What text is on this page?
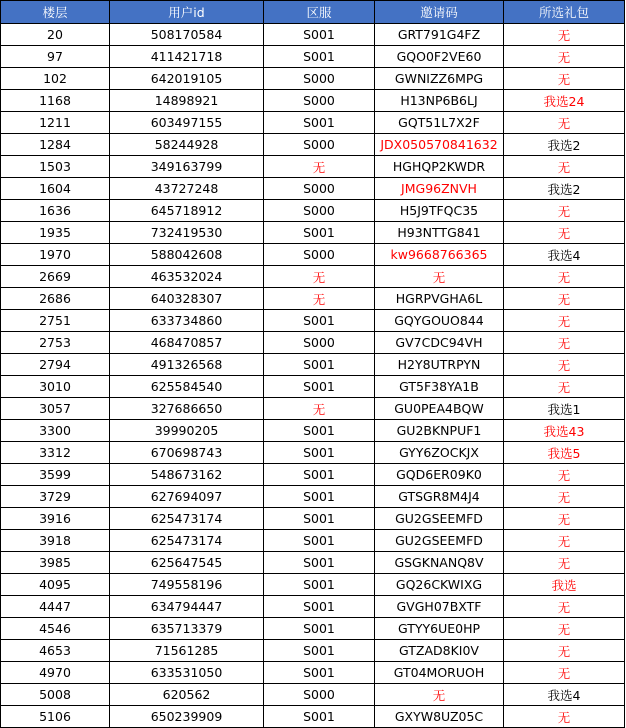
楼层	用户id	区服	邀请码	所选礼包
20	508170584	S001	GRT791G4FZ	无
97	411421718	S001	GQO0F2VE60	无
102	642019105	S000	GWNIZZ6MPG	无
1168	14898921	S000	H13NP6B6LJ	我选24
1211	603497155	S001	GQT51L7X2F	无
1284	58244928	S000	JDX050570841632	我选2
1503	349163799	无	HGHQP2KWDR	无
1604	43727248	S000	JMG96ZNVH	我选2
1636	645718912	S000	H5J9TFQC35	无
1935	732419530	S001	H93NTTG841	无
1970	588042608	S000	kw9668766365	我选4
2669	463532024	无	无	无
2686	640328307	无	HGRPVGHA6L	无
2751	633734860	S001	GQYGOUO844	无
2753	468470857	S000	GV7CDC94VH	无
2794	491326568	S001	H2Y8UTRPYN	无
3010	625584540	S001	GT5F38YA1B	无
3057	327686650	无	GU0PEA4BQW	我选1
3300	39990205	S001	GU2BKNPUF1	我选43
3312	670698743	S001	GYY6ZOCKJX	我选5
3599	548673162	S001	GQD6ER09K0	无
3729	627694097	S001	GTSGR8M4J4	无
3916	625473174	S001	GU2GSEEMFD	无
3918	625473174	S001	GU2GSEEMFD	无
3985	625647545	S001	GSGKNANQ8V	无
4095	749558196	S001	GQ26CKWIXG	我选
4447	634794447	S001	GVGH07BXTF	无
4546	635713379	S001	GTYY6UE0HP	无
4653	71561285	S001	GTZAD8KI0V	无
4970	633531050	S001	GT04MORUOH	无
5008	620562	S000	无	我选4
5106	650239909	S001	GXYW8UZ05C	无
